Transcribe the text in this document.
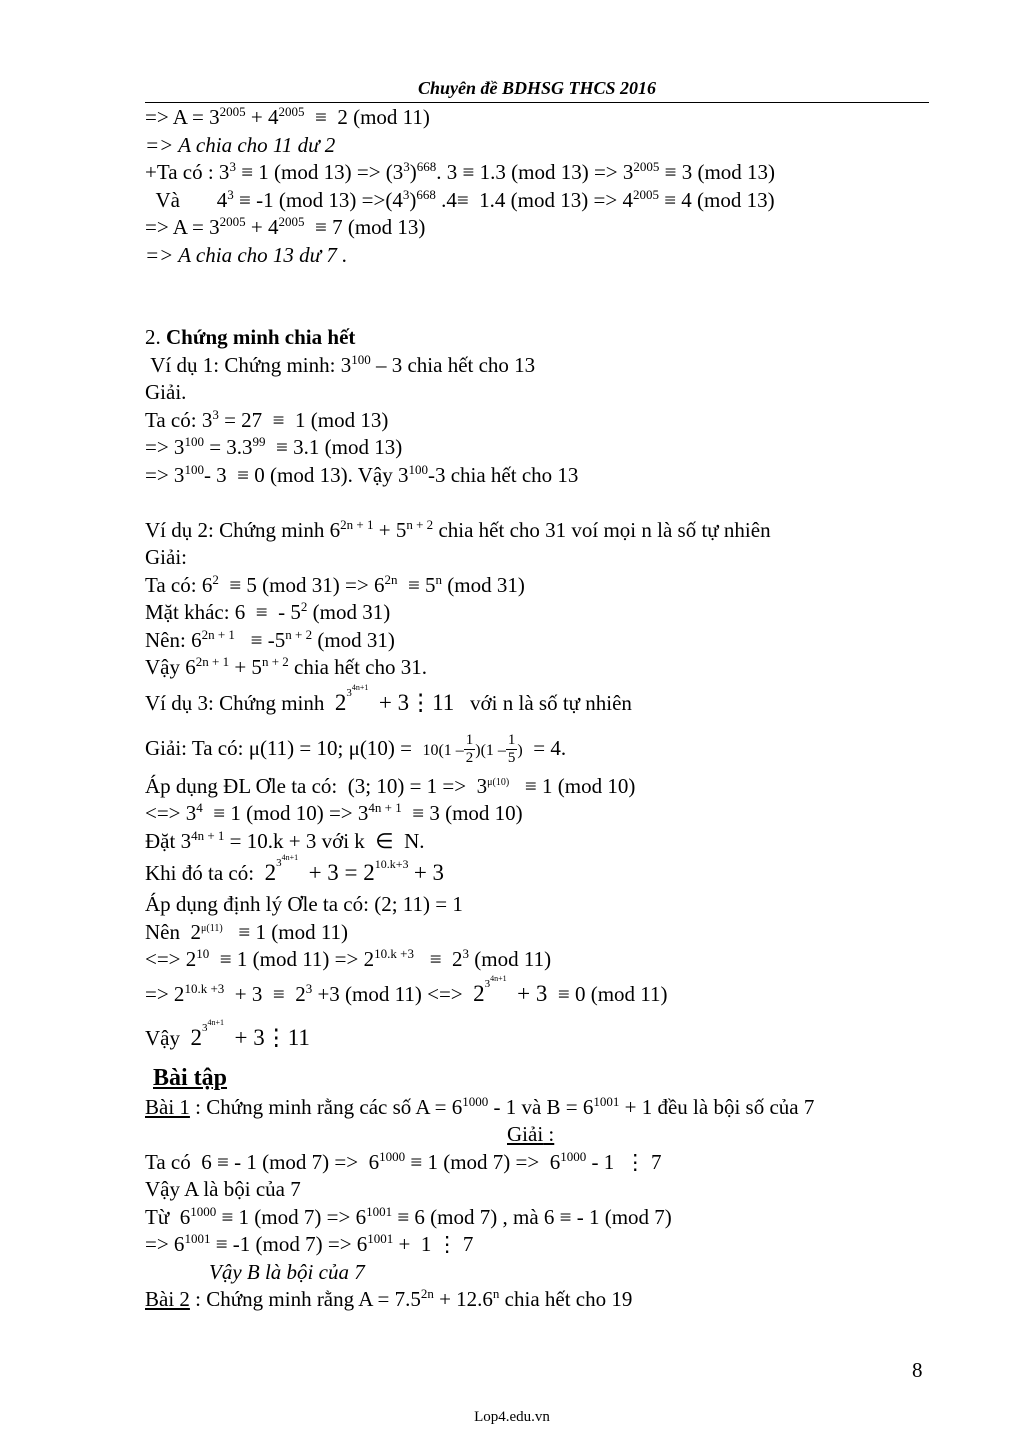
Chuyên đề BDHSG THCS 2016
=> $A = 3^{2005} + 4^{2005} \equiv 2$ (mod 11)
=> A chia cho 11 dư 2
+Ta có : $3^3 \equiv 1$ (mod $13) => (3^3)^{668}$. 3 ≡ 1.3 (mod $13) => 3^{2005} \equiv 3$ (mod 13)
Và       $4^3 \equiv -1$ (mod $13) =>(4^3)^{668}$ .4≡  1.4 (mod $13) => 4^{2005} \equiv 4$ (mod 13)
=> $A = 3^{2005} + 4^{2005} \equiv 7$ (mod 13)
=> A chia cho 13 dư 7 .
2. Chứng minh chia hết
Ví dụ 1: Chứng minh: $3^{100} - 3$ chia hết cho 13
Giải.
Ta có: $3^3 = 27 \equiv 1$ (mod 13)
=> $3^{100} = 3.3^{99} \equiv 3.1$ (mod 13)
=> $3^{100}-$ 3  ≡ 0 (mod 13). Vậy $3^{100}-3$ chia hết cho 13
Ví dụ 2: Chứng minh $6^{2n + 1} + 5^{n + 2}$ chia hết cho 31 voí mọi n là số tự nhiên
Giải:
Ta có: $6^2 \equiv 5$ (mod $31) => 6^{2n} \equiv 5^n$ (mod 31)
Mặt khác: 6  ≡  - $5^2$ (mod 31)
Nên: $6^{2n + 1} \equiv -5^{n + 2}$ (mod 31)
Vậy $6^{2n + 1} + 5^{n + 2}$ chia hết cho 31.
Ví dụ 3: Chứng minh $2^{3^{4n+1}}$  + 3⋮11 với n là số tự nhiên
Giải: Ta có: μ(11) = 10; $\mu(10) = 10(1 - \frac{1}{2} )(1 - \frac{1}{5}$ )  = 4.
Áp dụng ĐL Ơle ta có:  (3; $10) = 1 => 3^{\mu(10)} \equiv 1$ (mod 10)
<=> $3^4 \equiv 1$ (mod $10) => 3^{4n + 1} \equiv 3$ (mod 10)
Đặt $3^{4n + 1} = 10.k + 3$ với k  ∈  N.
Khi đó ta có:  $2^{3^{4n+1}} + 3 = 2^{10.k+3} + 3$
Áp dụng định lý Ơle ta có: (2; 11) = 1
Nên  $2^{\mu(11)} \equiv 1$ (mod 11)
<=> $2^{10} \equiv 1$ (mod $11) => 2^{10.k +3} \equiv 2^3$ (mod 11)
=> $2^{10.k +3} + 3 \equiv 2^3 +3$ (mod 11) <=>  $2^{3^{4n+1}} + 3 \equiv 0$ (mod 11)
Vậy $2^{3^{4n+1}}$  + 3⋮11
Bài tập
Bài 1 : Chứng minh rằng các số $A = 6^{1000} - 1$ và $B = 6^{1001} + 1$ đều là bội số của 7
Giải :
Ta có  6 ≡ - 1 (mod $7) => 6^{1000} \equiv 1$ (mod $7) => 6^{1000} - 1$  ⋮ 7
Vậy A là bội của 7
Từ  $6^{1000} \equiv 1$ (mod $7) => 6^{1001} \equiv 6$ (mod 7) , mà 6 ≡ - 1 (mod 7)
=> $6^{1001} \equiv -1$ (mod $7) => 6^{1001} + 1$ ⋮ 7
Vậy B là bội của 7
Bài 2 : Chứng minh rằng $A = 7.5^{2n} + 12.6^n$ chia hết cho 19
8
Lop4.edu.vn
